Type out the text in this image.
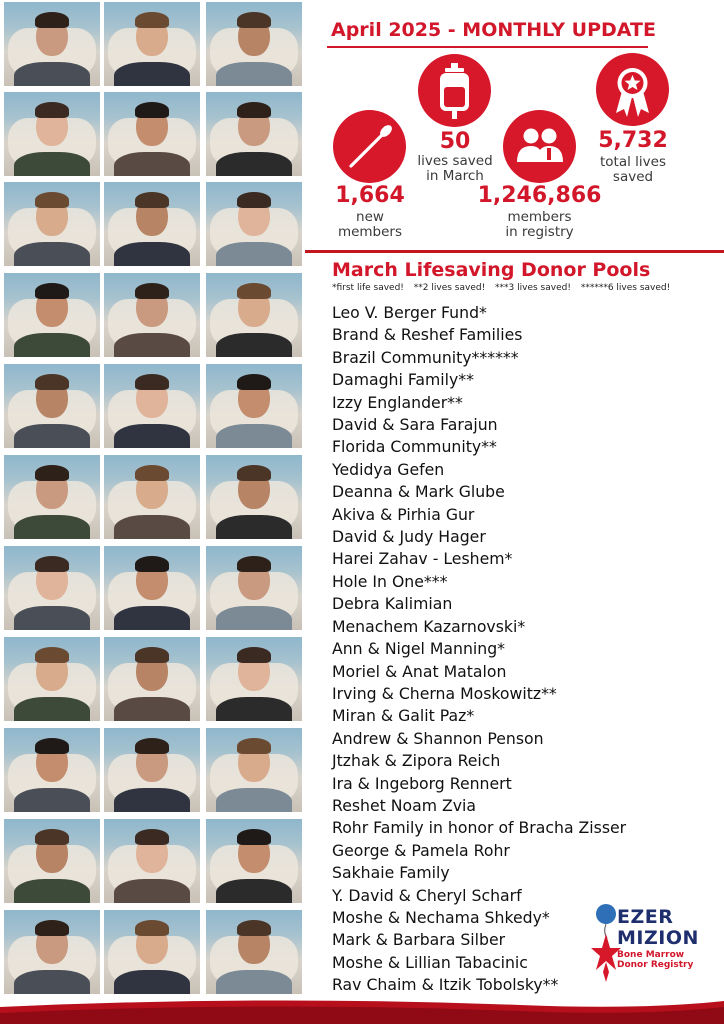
April 2025 - MONTHLY UPDATE
50
lives saved
in March
1,664
new
members
1,246,866
members
in registry
5,732
total lives
saved
March Lifesaving Donor Pools
*first life saved! **2 lives saved! ***3 lives saved! ******6 lives saved!
Leo V. Berger Fund*
Brand & Reshef Families
Brazil Community******
Damaghi Family**
Izzy Englander**
David & Sara Farajun
Florida Community**
Yedidya Gefen
Deanna & Mark Glube
Akiva & Pirhia Gur
David & Judy Hager
Harei Zahav - Leshem*
Hole In One***
Debra Kalimian
Menachem Kazarnovski*
Ann & Nigel Manning*
Moriel & Anat Matalon
Irving & Cherna Moskowitz**
Miran & Galit Paz*
Andrew & Shannon Penson
Jtzhak & Zipora Reich
Ira & Ingeborg Rennert
Reshet Noam Zvia
Rohr Family in honor of Bracha Zisser
George & Pamela Rohr
Sakhaie Family
Y. David & Cheryl Scharf
Moshe & Nechama Shkedy*
Mark & Barbara Silber
Moshe & Lillian Tabacinic
Rav Chaim & Itzik Tobolsky**
EZER
MIZION
Bone Marrow
Donor Registry
